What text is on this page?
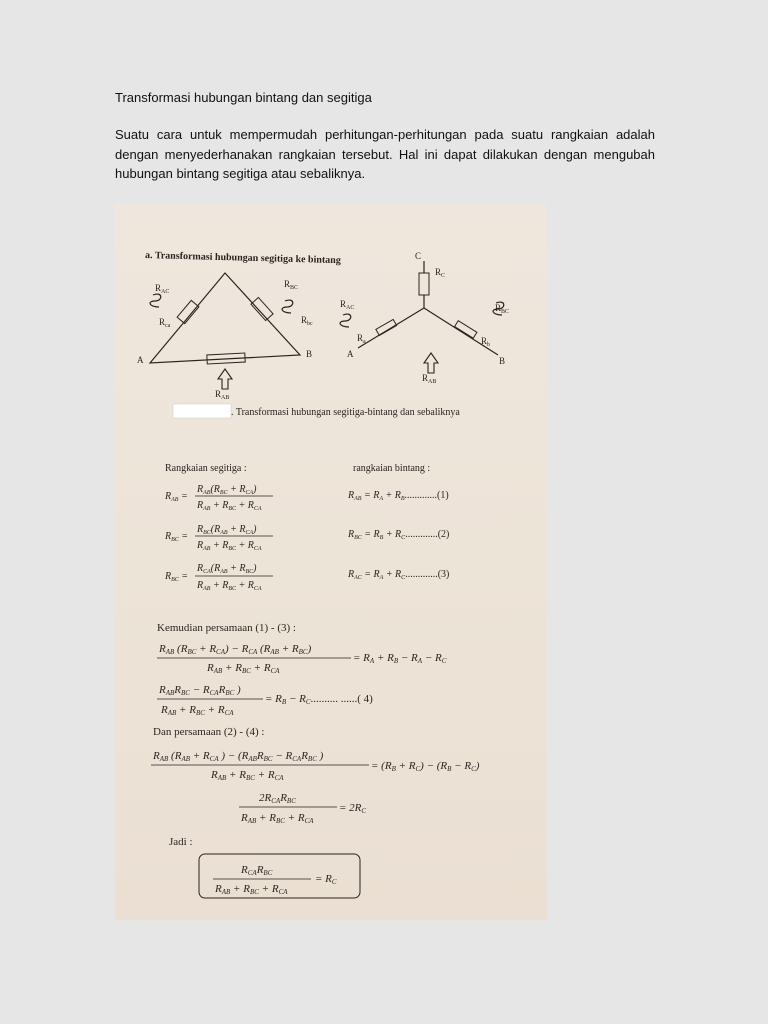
Transformasi hubungan bintang dan segitiga
Suatu cara untuk mempermudah perhitungan-perhitungan pada suatu rangkaian adalah dengan menyederhanakan rangkaian tersebut. Hal ini dapat dilakukan dengan mengubah hubungan bintang segitiga atau sebaliknya.
a. Transformasi hubungan segitiga ke bintang
$R_{AC}$
$R_{BC}$
$R_{ca}$
$R_{bc}$
A
B
$R_{AB}$
C
$R_C$
$R_{AC}$	$R_{BC}$
$R_a$	$R_b$
A
B
$R_{AB}$
. Transformasi hubungan segitiga-bintang dan sebaliknya
Rangkaian segitiga :	rangkaian bintang :
$R_{AB}$ =
$R_{AB}(R_{BC} + R_{CA})$
$R_{AB} + R_{BC} + R_{CA}$
$R_{BC}$ =
$R_{BC}(R_{AB} + R_{CA})$
$R_{AB} + R_{BC} + R_{CA}$
$R_{BC}$ =
$R_{CA}(R_{AB} + R_{BC})$
$R_{AB} + R_{BC} + R_{CA}$
$R_{AB} = R_A + R_B.............(1)$
$R_{BC} = R_B + R_C.............(2)$
$R_{AC} = R_A + R_C.............(3)$
Kemudian persamaan (1) - (3) :
RAB (RBC + RCA) − RCA (RAB + RBC)
RAB + RBC + RCA
= RA + RB − RA − RC
RABRBC − RCARBC )
RAB + RBC + RCA
= RB − RC.......... ......( 4)
Dan persamaan (2) - (4) :
RAB (RAB + RCA ) − (RABRBC − RCARBC )
RAB + RBC + RCA
= (RB + RC) − (RB − RC)
2RCARBC
RAB + RBC + RCA
= 2RC
Jadi :
RCARBC
RAB + RBC + RCA
= RC
